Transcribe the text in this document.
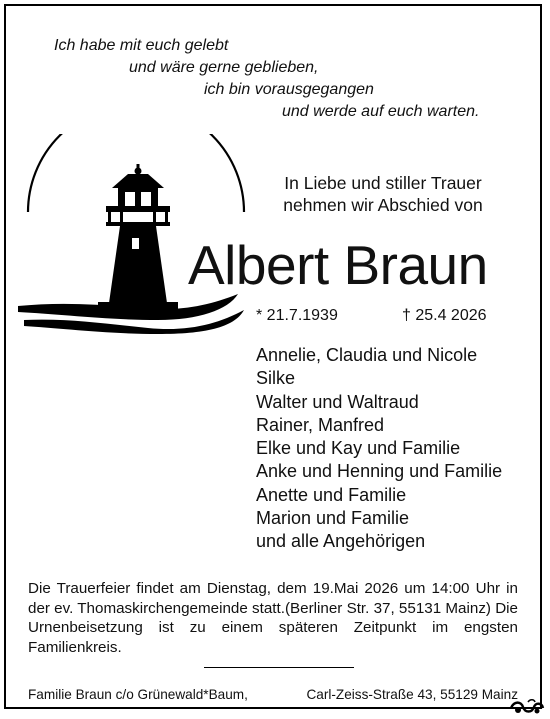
Ich habe mit euch gelebt
und wäre gerne geblieben,
ich bin vorausgegangen
und werde auf euch warten.
In Liebe und stiller Trauer
nehmen wir Abschied von
Albert Braun
* 21.7.1939	† 25.4 2026
Annelie, Claudia und Nicole
Silke
Walter und Waltraud
Rainer, Manfred
Elke und Kay und Familie
Anke und Henning und Familie
Anette und Familie
Marion und Familie
und alle Angehörigen
Die Trauerfeier findet am Dienstag, dem 19.Mai 2026 um 14:00 Uhr in der ev. Thomaskirchengemeinde statt.(Berliner Str. 37, 55131 Mainz) Die Urnenbeisetzung ist zu einem späteren Zeitpunkt im engsten Familienkreis.
Familie Braun c/o Grünewald*Baum,	Carl-Zeiss-Straße 43, 55129 Mainz
